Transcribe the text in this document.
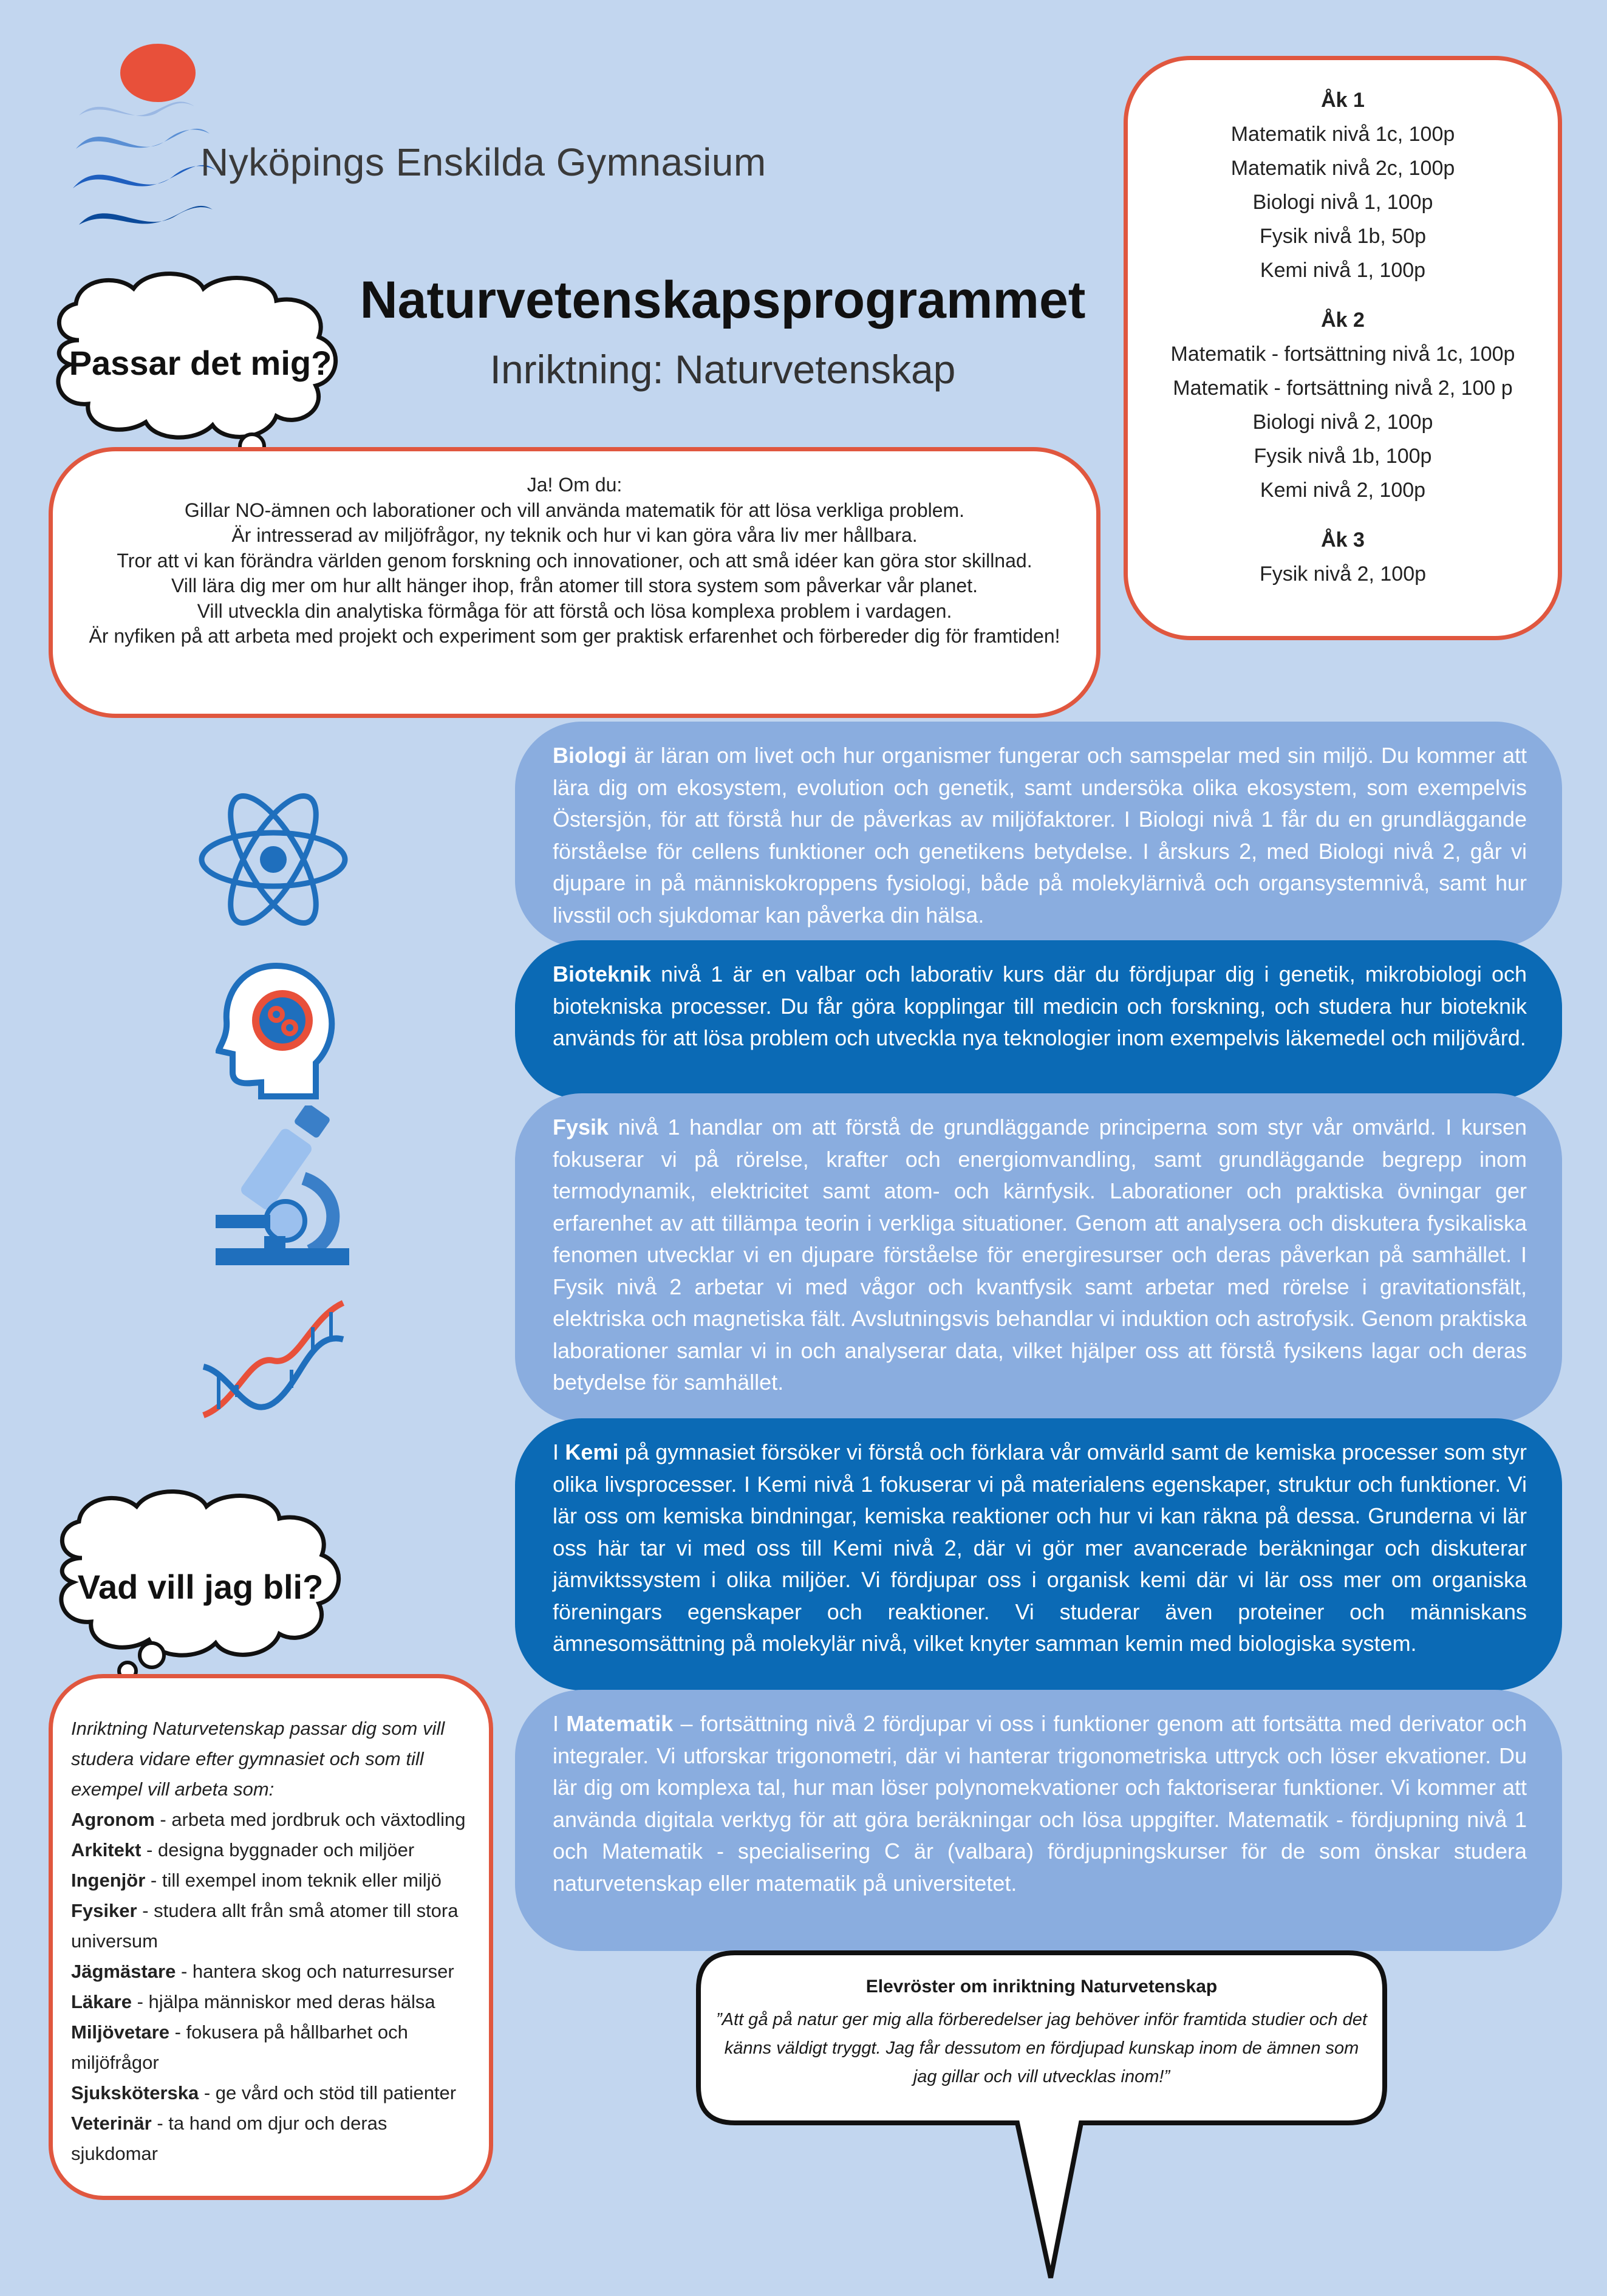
Nyköpings Enskilda Gymnasium
Naturvetenskapsprogrammet
Inriktning: Naturvetenskap
Passar det mig?
Åk 1
Matematik nivå 1c, 100p
Matematik nivå 2c, 100p
Biologi nivå 1, 100p
Fysik nivå 1b, 50p
Kemi nivå 1, 100p
Åk 2
Matematik - fortsättning nivå 1c, 100p
Matematik - fortsättning nivå 2, 100 p
Biologi nivå 2, 100p
Fysik nivå 1b, 100p
Kemi nivå 2, 100p
Åk 3
Fysik nivå 2, 100p
Ja! Om du:
Gillar NO-ämnen och laborationer och vill använda matematik för att lösa verkliga problem.
Är intresserad av miljöfrågor, ny teknik och hur vi kan göra våra liv mer hållbara.
Tror att vi kan förändra världen genom forskning och innovationer, och att små idéer kan göra stor skillnad.
Vill lära dig mer om hur allt hänger ihop, från atomer till stora system som påverkar vår planet.
Vill utveckla din analytiska förmåga för att förstå och lösa komplexa problem i vardagen.
Är nyfiken på att arbeta med projekt och experiment som ger praktisk erfarenhet och förbereder dig för framtiden!
Biologi är läran om livet och hur organismer fungerar och samspelar med sin miljö. Du kommer att lära dig om ekosystem, evolution och genetik, samt undersöka olika ekosystem, som exempelvis Östersjön, för att förstå hur de påverkas av miljöfaktorer. I Biologi nivå 1 får du en grundläggande förståelse för cellens funktioner och genetikens betydelse. I årskurs 2, med Biologi nivå 2, går vi djupare in på människokroppens fysiologi, både på molekylärnivå och organsystemnivå, samt hur livsstil och sjukdomar kan påverka din hälsa.
Bioteknik nivå 1 är en valbar och laborativ kurs där du fördjupar dig i genetik, mikrobiologi och biotekniska processer. Du får göra kopplingar till medicin och forskning, och studera hur bioteknik används för att lösa problem och utveckla nya teknologier inom exempelvis läkemedel och miljövård.
Fysik nivå 1 handlar om att förstå de grundläggande principerna som styr vår omvärld. I kursen fokuserar vi på rörelse, krafter och energiomvandling, samt grundläggande begrepp inom termodynamik, elektricitet samt atom- och kärnfysik. Laborationer och praktiska övningar ger erfarenhet av att tillämpa teorin i verkliga situationer. Genom att analysera och diskutera fysikaliska fenomen utvecklar vi en djupare förståelse för energiresurser och deras påverkan på samhället. I Fysik nivå 2 arbetar vi med vågor och kvantfysik samt arbetar med rörelse i gravitationsfält, elektriska och magnetiska fält. Avslutningsvis behandlar vi induktion och astrofysik. Genom praktiska laborationer samlar vi in och analyserar data, vilket hjälper oss att förstå fysikens lagar och deras betydelse för samhället.
I Kemi på gymnasiet försöker vi förstå och förklara vår omvärld samt de kemiska processer som styr olika livsprocesser. I Kemi nivå 1 fokuserar vi på materialens egenskaper, struktur och funktioner. Vi lär oss om kemiska bindningar, kemiska reaktioner och hur vi kan räkna på dessa. Grunderna vi lär oss här tar vi med oss till Kemi nivå 2, där vi gör mer avancerade beräkningar och diskuterar jämviktssystem i olika miljöer. Vi fördjupar oss i organisk kemi där vi lär oss mer om organiska föreningars egenskaper och reaktioner. Vi studerar även proteiner och människans ämnesomsättning på molekylär nivå, vilket knyter samman kemin med biologiska system.
I Matematik – fortsättning nivå 2 fördjupar vi oss i funktioner genom att fortsätta med derivator och integraler. Vi utforskar trigonometri, där vi hanterar trigonometriska uttryck och löser ekvationer. Du lär dig om komplexa tal, hur man löser polynomekvationer och faktoriserar funktioner. Vi kommer att använda digitala verktyg för att göra beräkningar och lösa uppgifter. Matematik - fördjupning nivå 1 och Matematik - specialisering C är (valbara) fördjupningskurser för de som önskar studera naturvetenskap eller matematik på universitetet.
Vad vill jag bli?
Inriktning Naturvetenskap passar dig som vill studera vidare efter gymnasiet och som till exempel vill arbeta som:
Agronom - arbeta med jordbruk och växtodling
Arkitekt - designa byggnader och miljöer
Ingenjör - till exempel inom teknik eller miljö
Fysiker - studera allt från små atomer till stora universum
Jägmästare - hantera skog och naturresurser
Läkare - hjälpa människor med deras hälsa
Miljövetare - fokusera på hållbarhet och miljöfrågor
Sjuksköterska - ge vård och stöd till patienter
Veterinär - ta hand om djur och deras sjukdomar
Elevröster om inriktning Naturvetenskap
”Att gå på natur ger mig alla förberedelser jag behöver inför framtida studier och det känns väldigt tryggt. Jag får dessutom en fördjupad kunskap inom de ämnen som jag gillar och vill utvecklas inom!”
